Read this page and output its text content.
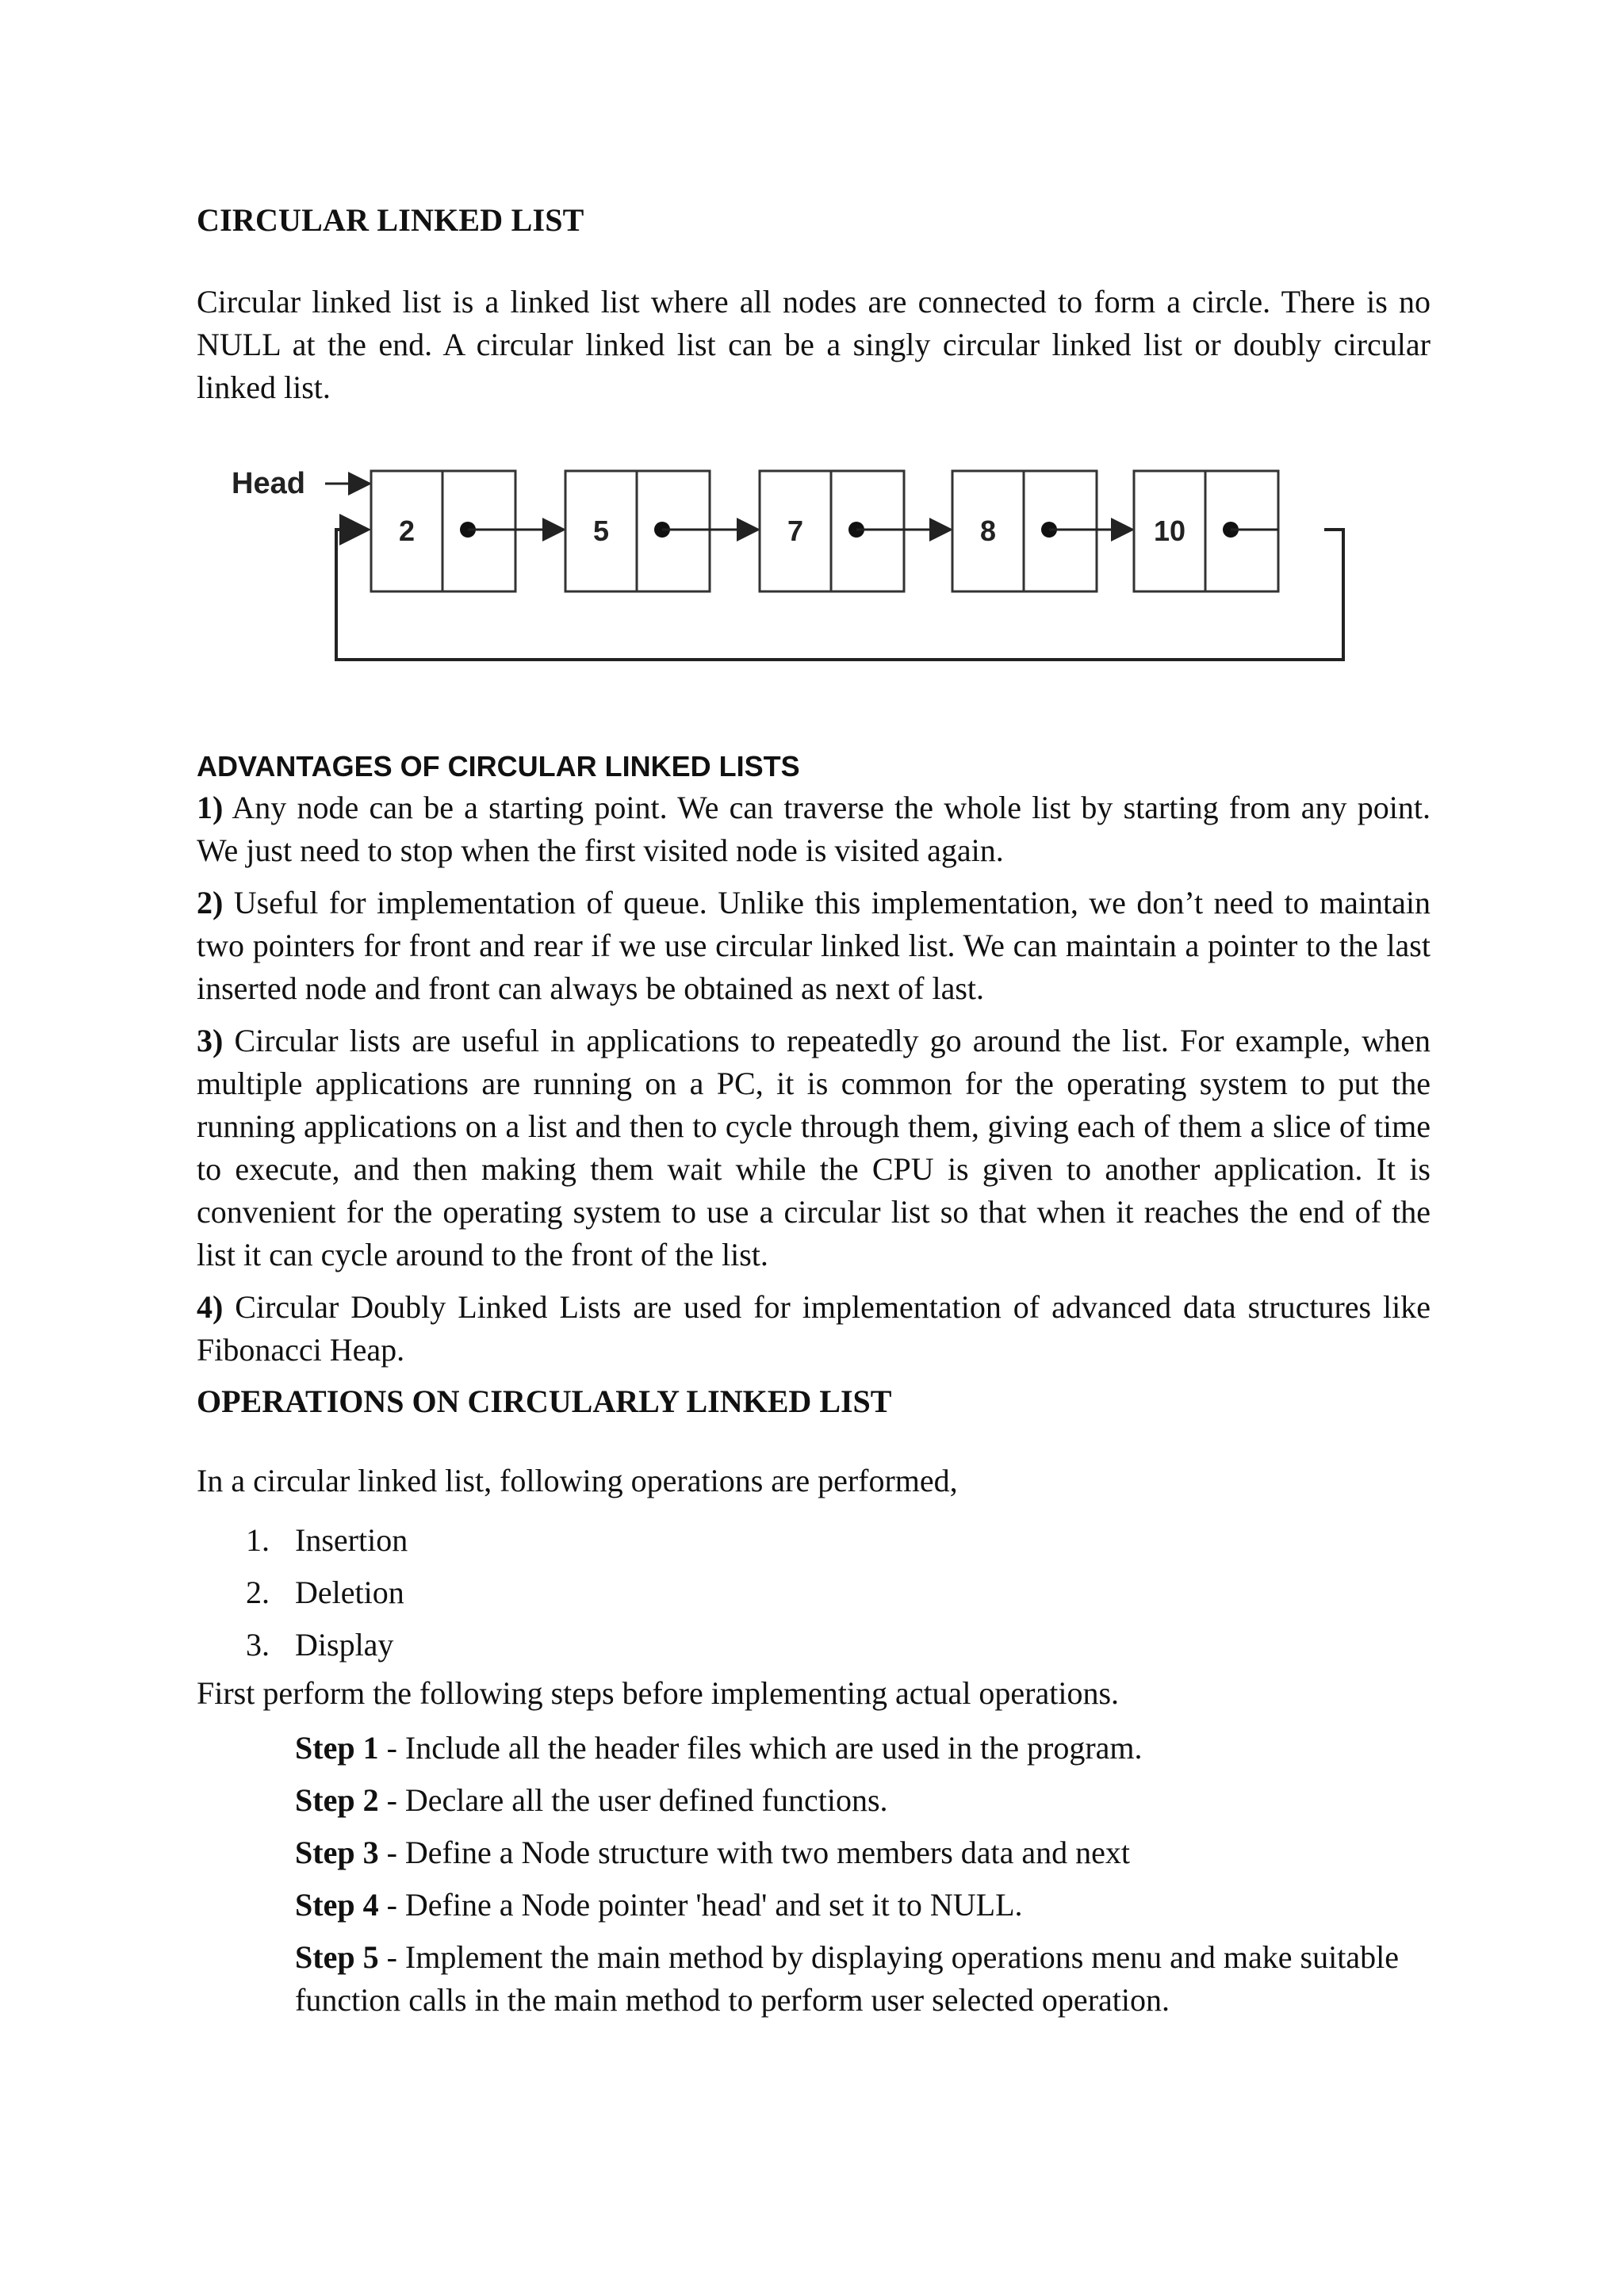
CIRCULAR LINKED LIST

Circular linked list is a linked list where all nodes are connected to form a circle. There is no NULL at the end. A circular linked list can be a singly circular linked list or doubly circular linked list.

Head
2	5	7	8	10
ADVANTAGES OF CIRCULAR LINKED LISTS

1) Any node can be a starting point. We can traverse the whole list by starting from any point. We just need to stop when the first visited node is visited again.

2) Useful for implementation of queue. Unlike this implementation, we don’t need to maintain two pointers for front and rear if we use circular linked list. We can maintain a pointer to the last inserted node and front can always be obtained as next of last.

3) Circular lists are useful in applications to repeatedly go around the list. For example, when multiple applications are running on a PC, it is common for the operating system to put the running applications on a list and then to cycle through them, giving each of them a slice of time to execute, and then making them wait while the CPU is given to another application. It is convenient for the operating system to use a circular list so that when it reaches the end of the list it can cycle around to the front of the list.

4) Circular Doubly Linked Lists are used for implementation of advanced data structures like Fibonacci Heap.

OPERATIONS ON CIRCULARLY LINKED LIST

In a circular linked list, following operations are performed,

1. Insertion
2. Deletion
3. Display

First perform the following steps before implementing actual operations.

Step 1 - Include all the header files which are used in the program.

Step 2 - Declare all the user defined functions.

Step 3 - Define a Node structure with two members data and next

Step 4 - Define a Node pointer 'head' and set it to NULL.

Step 5 - Implement the main method by displaying operations menu and make suitable function calls in the main method to perform user selected operation.
